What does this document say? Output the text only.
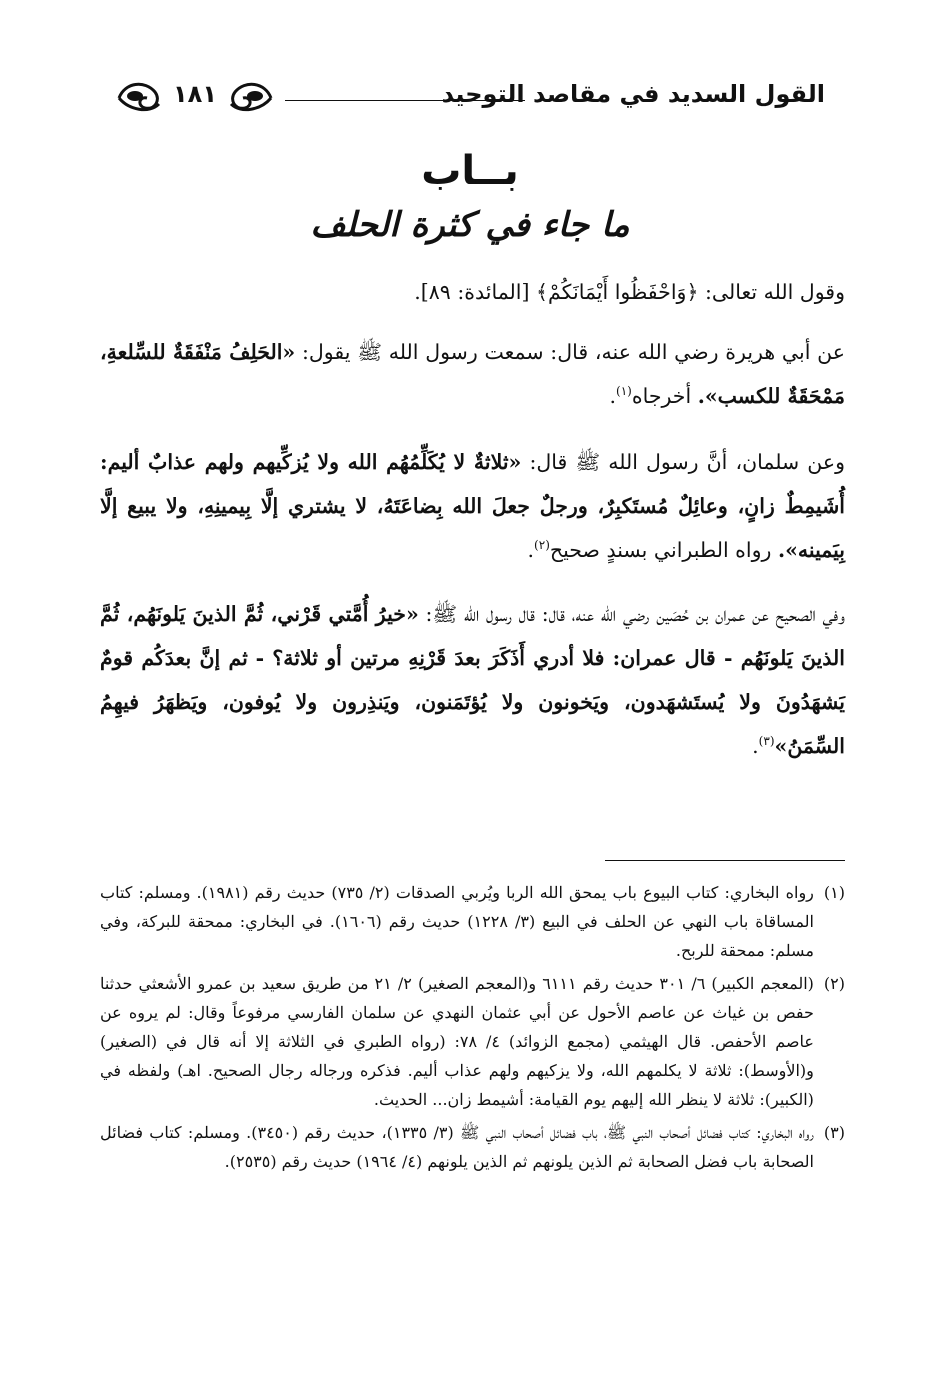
القول السديد في مقاصد التوحيد
١٨١
بــاب
ما جاء في كثرة الحلف

وقول الله تعالى: ﴿وَاحْفَظُوا أَيْمَانَكُمْ﴾ [المائدة: ٨٩].

عن أبي هريرة رضي الله عنه، قال: سمعت رسول الله ﷺ يقول: «الحَلِفُ مَنْفَقَةٌ للسِّلعةِ، مَمْحَقَةٌ للكسب». أخرجاه$^{(١)}$.

وعن سلمان، أنَّ رسول الله ﷺ قال: «ثلاثةٌ لا يُكَلِّمُهُم الله ولا يُزكِّيهم ولهم عذابٌ أليم: أُشَيمِطٌ زانٍ، وعائِلٌ مُستَكبِرٌ، ورجلٌ جعلَ الله بِضاعَتَهُ، لا يشتري إلَّا بِيمينِهِ، ولا يبيع إلَّا بِيَمينه». رواه الطبراني بسندٍ صحيح$^{(٢)}$.

وفي الصحيح عن عمران بن حُصَين رضي الله عنه، قال: قال رسول الله ﷺ: «خيرُ أُمَّتي قَرْني، ثُمَّ الذينَ يَلونَهُم، ثُمَّ الذينَ يَلونَهُم - قال عمران: فلا أدري أَذَكَرَ بعدَ قَرْنِهِ مرتين أو ثلاثة؟ - ثم إنَّ بعدَكُم قومٌ يَشهَدُونَ ولا يُستَشهَدون، ويَخونون ولا يُؤتَمَنون، ويَنذِرون ولا يُوفون، ويَظهَرُ فيهِمُ السِّمَنُ»$^{(٣)}$.

(١)
رواه البخاري: كتاب البيوع باب يمحق الله الربا ويُربي الصدقات (٢/ ٧٣٥) حديث رقم (١٩٨١). ومسلم: كتاب المساقاة باب النهي عن الحلف في البيع (٣/ ١٢٢٨) حديث رقم (١٦٠٦). في البخاري: ممحقة للبركة، وفي مسلم: ممحقة للربح.
(٢)
(المعجم الكبير) ٦/ ٣٠١ حديث رقم ٦١١١ و(المعجم الصغير) ٢/ ٢١ من طريق سعيد بن عمرو الأشعثي حدثنا حفص بن غياث عن عاصم الأحول عن أبي عثمان النهدي عن سلمان الفارسي مرفوعاً وقال: لم يروه عن عاصم الأحفص. قال الهيثمي (مجمع الزوائد) ٤/ ٧٨: (رواه الطبري في الثلاثة إلا أنه قال في (الصغير) و(الأوسط): ثلاثة لا يكلمهم الله، ولا يزكيهم ولهم عذاب أليم. فذكره ورجاله رجال الصحيح. اهـ) ولفظه في (الكبير): ثلاثة لا ينظر الله إليهم يوم القيامة: أشيمط زان... الحديث.
(٣)
رواه البخاري: كتاب فضائل أصحاب النبي ﷺ، باب فضائل أصحاب النبي ﷺ (٣/ ١٣٣٥)، حديث رقم (٣٤٥٠). ومسلم: كتاب فضائل الصحابة باب فضل الصحابة ثم الذين يلونهم ثم الذين يلونهم (٤/ ١٩٦٤) حديث رقم (٢٥٣٥).
